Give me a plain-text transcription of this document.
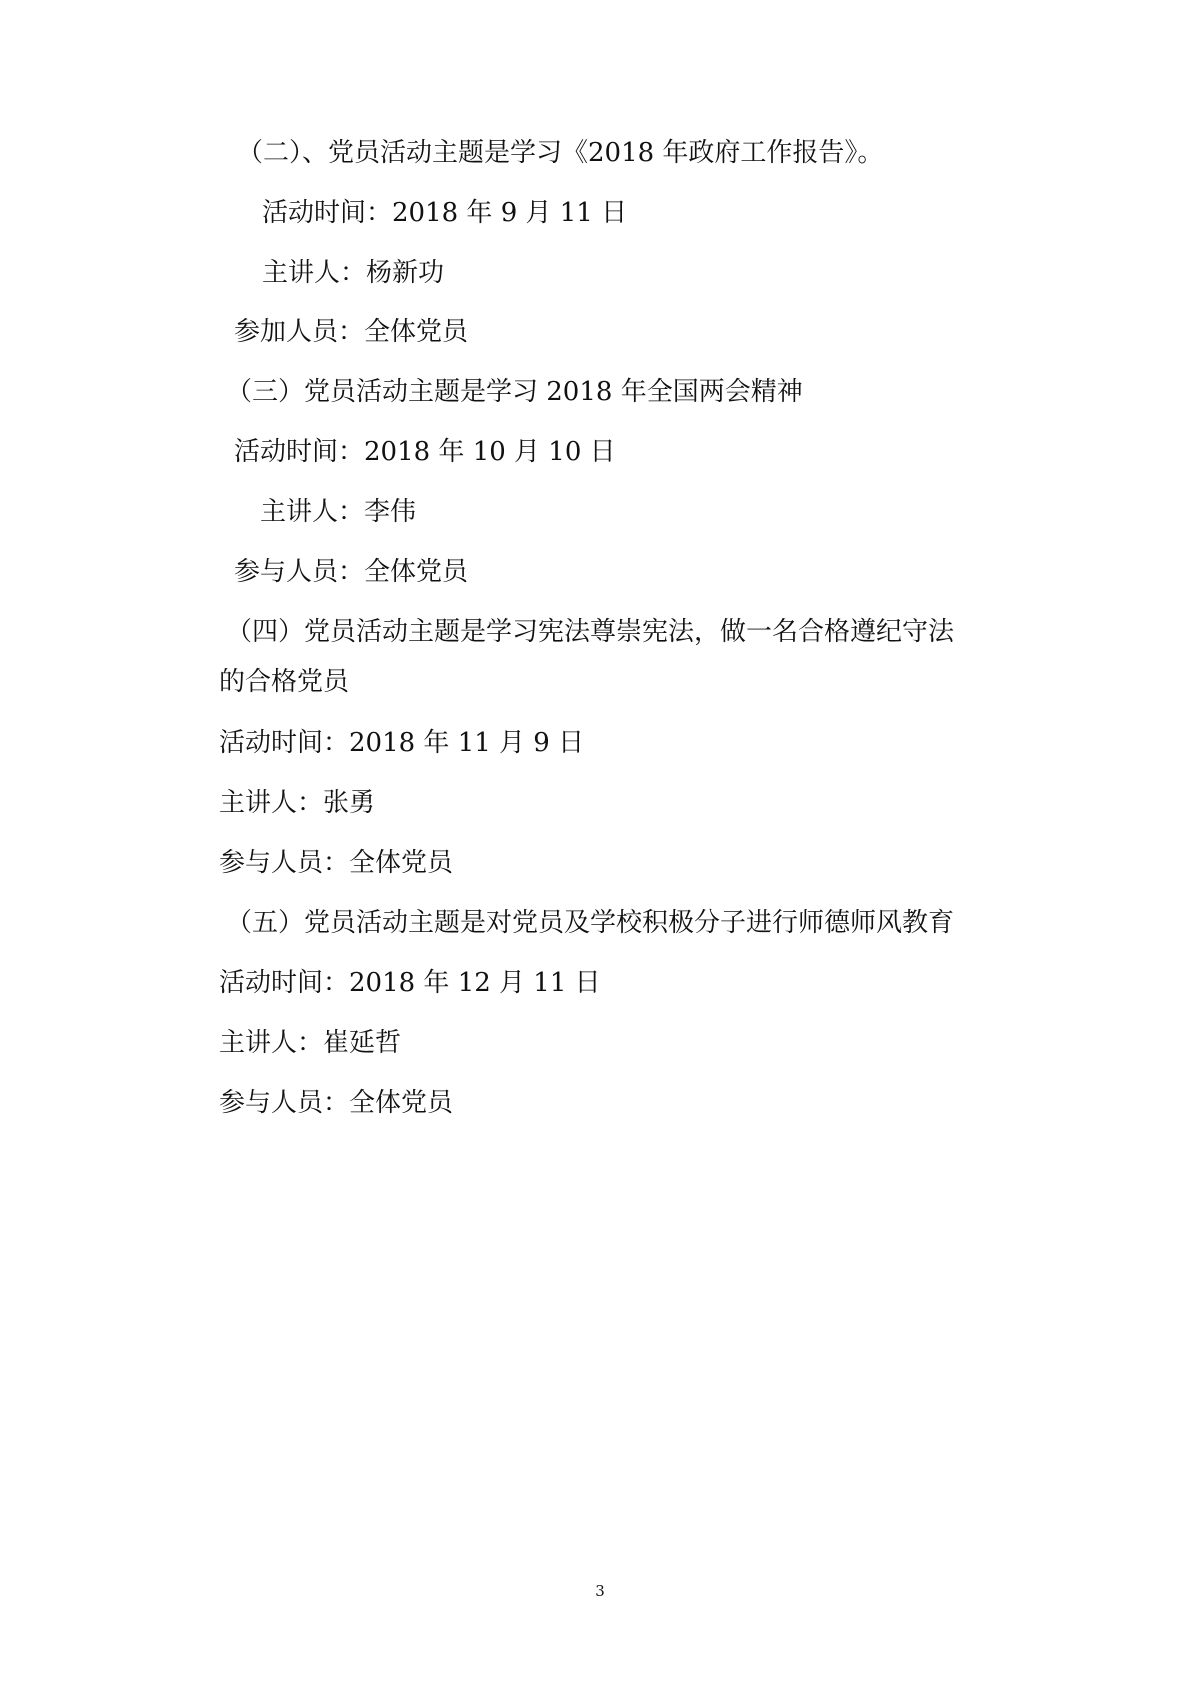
（二）、党员活动主题是学习《2018 年政府工作报告》。
活动时间：2018 年 9 月 11 日
主讲人：杨新功
参加人员：全体党员
（三）党员活动主题是学习 2018 年全国两会精神
活动时间：2018 年 10 月 10 日
主讲人：李伟
参与人员：全体党员
（四）党员活动主题是学习宪法尊崇宪法，做一名合格遵纪守法
的合格党员
活动时间：2018 年 11 月 9 日
主讲人：张勇
参与人员：全体党员
（五）党员活动主题是对党员及学校积极分子进行师德师风教育
活动时间：2018 年 12 月 11 日
主讲人：崔延哲
参与人员：全体党员
3
